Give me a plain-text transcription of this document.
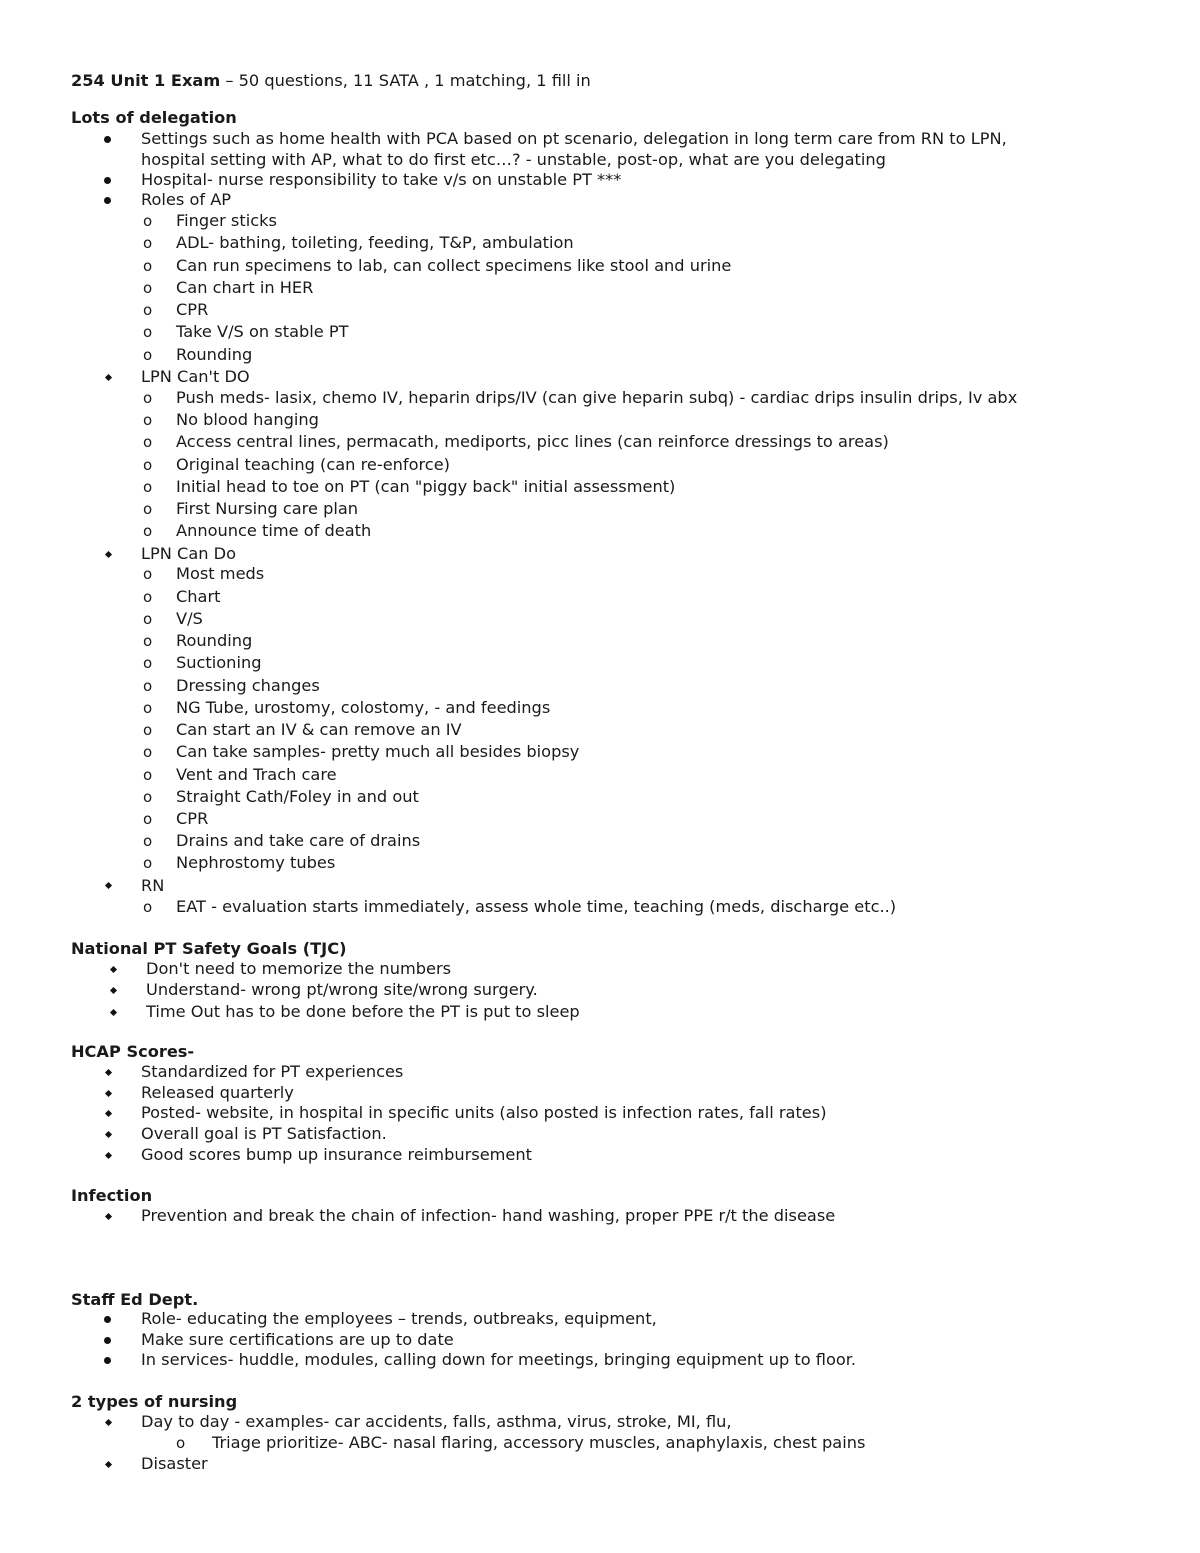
254 Unit 1 Exam – 50 questions, 11 SATA , 1 matching, 1 fill in
Lots of delegation
Settings such as home health with PCA based on pt scenario, delegation in long term care from RN to LPN,
hospital setting with AP, what to do first etc…? - unstable, post-op, what are you delegating
Hospital- nurse responsibility to take v/s on unstable PT ***
Roles of AP
o Finger sticks
o ADL- bathing, toileting, feeding, T&P, ambulation
o Can run specimens to lab, can collect specimens like stool and urine
o Can chart in HER
o CPR
o Take V/S on stable PT
o Rounding
LPN Can't DO
o Push meds- lasix, chemo IV, heparin drips/IV (can give heparin subq) - cardiac drips insulin drips, Iv abx
o No blood hanging
o Access central lines, permacath, mediports, picc lines (can reinforce dressings to areas)
o Original teaching (can re-enforce)
o Initial head to toe on PT (can "piggy back" initial assessment)
o First Nursing care plan
o Announce time of death
LPN Can Do
o Most meds
o Chart
o V/S
o Rounding
o Suctioning
o Dressing changes
o NG Tube, urostomy, colostomy, - and feedings
o Can start an IV & can remove an IV
o Can take samples- pretty much all besides biopsy
o Vent and Trach care
o Straight Cath/Foley in and out
o CPR
o Drains and take care of drains
o Nephrostomy tubes
RN
o EAT - evaluation starts immediately, assess whole time, teaching (meds, discharge etc..)
National PT Safety Goals (TJC)
Don't need to memorize the numbers
Understand- wrong pt/wrong site/wrong surgery.
Time Out has to be done before the PT is put to sleep
HCAP Scores-
Standardized for PT experiences
Released quarterly
Posted- website, in hospital in specific units (also posted is infection rates, fall rates)
Overall goal is PT Satisfaction.
Good scores bump up insurance reimbursement
Infection
Prevention and break the chain of infection- hand washing, proper PPE r/t the disease
Staff Ed Dept.
Role- educating the employees – trends, outbreaks, equipment,
Make sure certifications are up to date
In services- huddle, modules, calling down for meetings, bringing equipment up to floor.
2 types of nursing
Day to day - examples- car accidents, falls, asthma, virus, stroke, MI, flu,
o Triage prioritize- ABC- nasal flaring, accessory muscles, anaphylaxis, chest pains
Disaster
